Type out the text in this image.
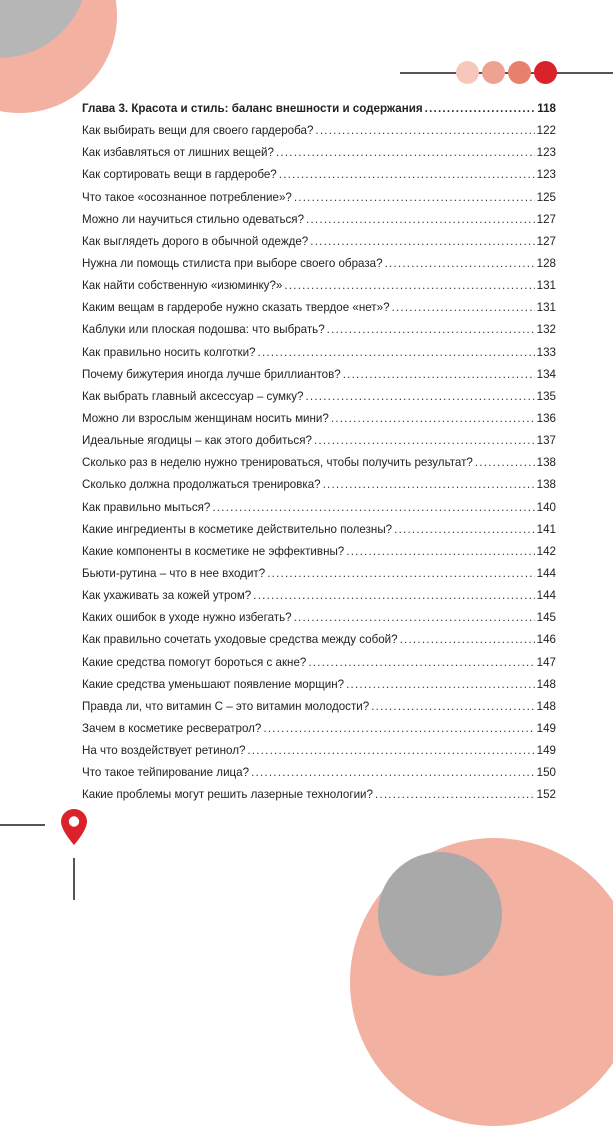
Глава 3. Красота и стиль: баланс внешности и содержания . . .	118
Как выбирать вещи для своего гардероба? . . .	122
Как избавляться от лишних вещей? . . .	123
Как сортировать вещи в гардеробе? . . .	123
Что такое «осознанное потребление»? . . .	125
Можно ли научиться стильно одеваться? . . .	127
Как выглядеть дорого в обычной одежде? . . .	127
Нужна ли помощь стилиста при выборе своего образа? . . .	128
Как найти собственную «изюминку?» . . .	131
Каким вещам в гардеробе нужно сказать твердое «нет»? . . .	131
Каблуки или плоская подошва: что выбрать? . . .	132
Как правильно носить колготки? . . .	133
Почему бижутерия иногда лучше бриллиантов? . . .	134
Как выбрать главный аксессуар – сумку? . . .	135
Можно ли взрослым женщинам носить мини? . . .	136
Идеальные ягодицы – как этого добиться? . . .	137
Сколько раз в неделю нужно тренироваться, чтобы получить результат? . . .	138
Сколько должна продолжаться тренировка? . . .	138
Как правильно мыться? . . .	140
Какие ингредиенты в косметике действительно полезны? . . .	141
Какие компоненты в косметике не эффективны? . . .	142
Бьюти-рутина – что в нее входит? . . .	144
Как ухаживать за кожей утром? . . .	144
Каких ошибок в уходе нужно избегать? . . .	145
Как правильно сочетать уходовые средства между собой? . . .	146
Какие средства помогут бороться с акне? . . .	147
Какие средства уменьшают появление морщин? . . .	148
Правда ли, что витамин С – это витамин молодости? . . .	148
Зачем в косметике ресвератрол? . . .	149
На что воздействует ретинол? . . .	149
Что такое тейпирование лица? . . .	150
Какие проблемы могут решить лазерные технологии? . . .	152
